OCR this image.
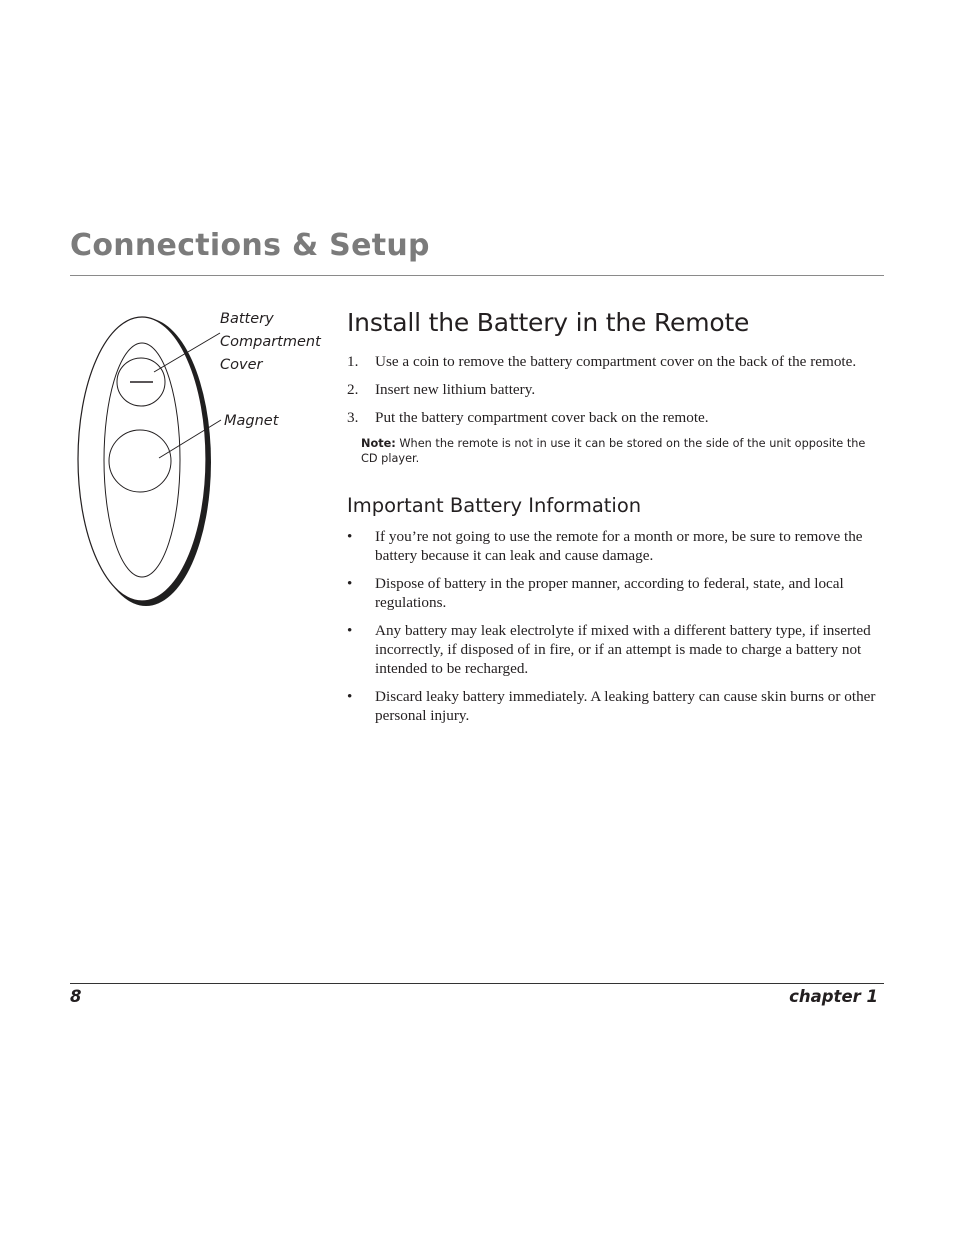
Connections & Setup
Battery
Compartment
Cover
Magnet
Install the Battery in the Remote
1. Use a coin to remove the battery compartment cover on the back of the remote.
2. Insert new lithium battery.
3. Put the battery compartment cover back on the remote.

Note: When the remote is not in use it can be stored on the side of the unit opposite the CD player.

Important Battery Information
• If you’re not going to use the remote for a month or more, be sure to remove the battery because it can leak and cause damage.
• Dispose of battery in the proper manner, according to federal, state, and local regulations.
• Any battery may leak electrolyte if mixed with a different battery type, if inserted incorrectly, if disposed of in fire, or if an attempt is made to charge a battery not intended to be recharged.
• Discard leaky battery immediately. A leaking battery can cause skin burns or other personal injury.
8	chapter 1
